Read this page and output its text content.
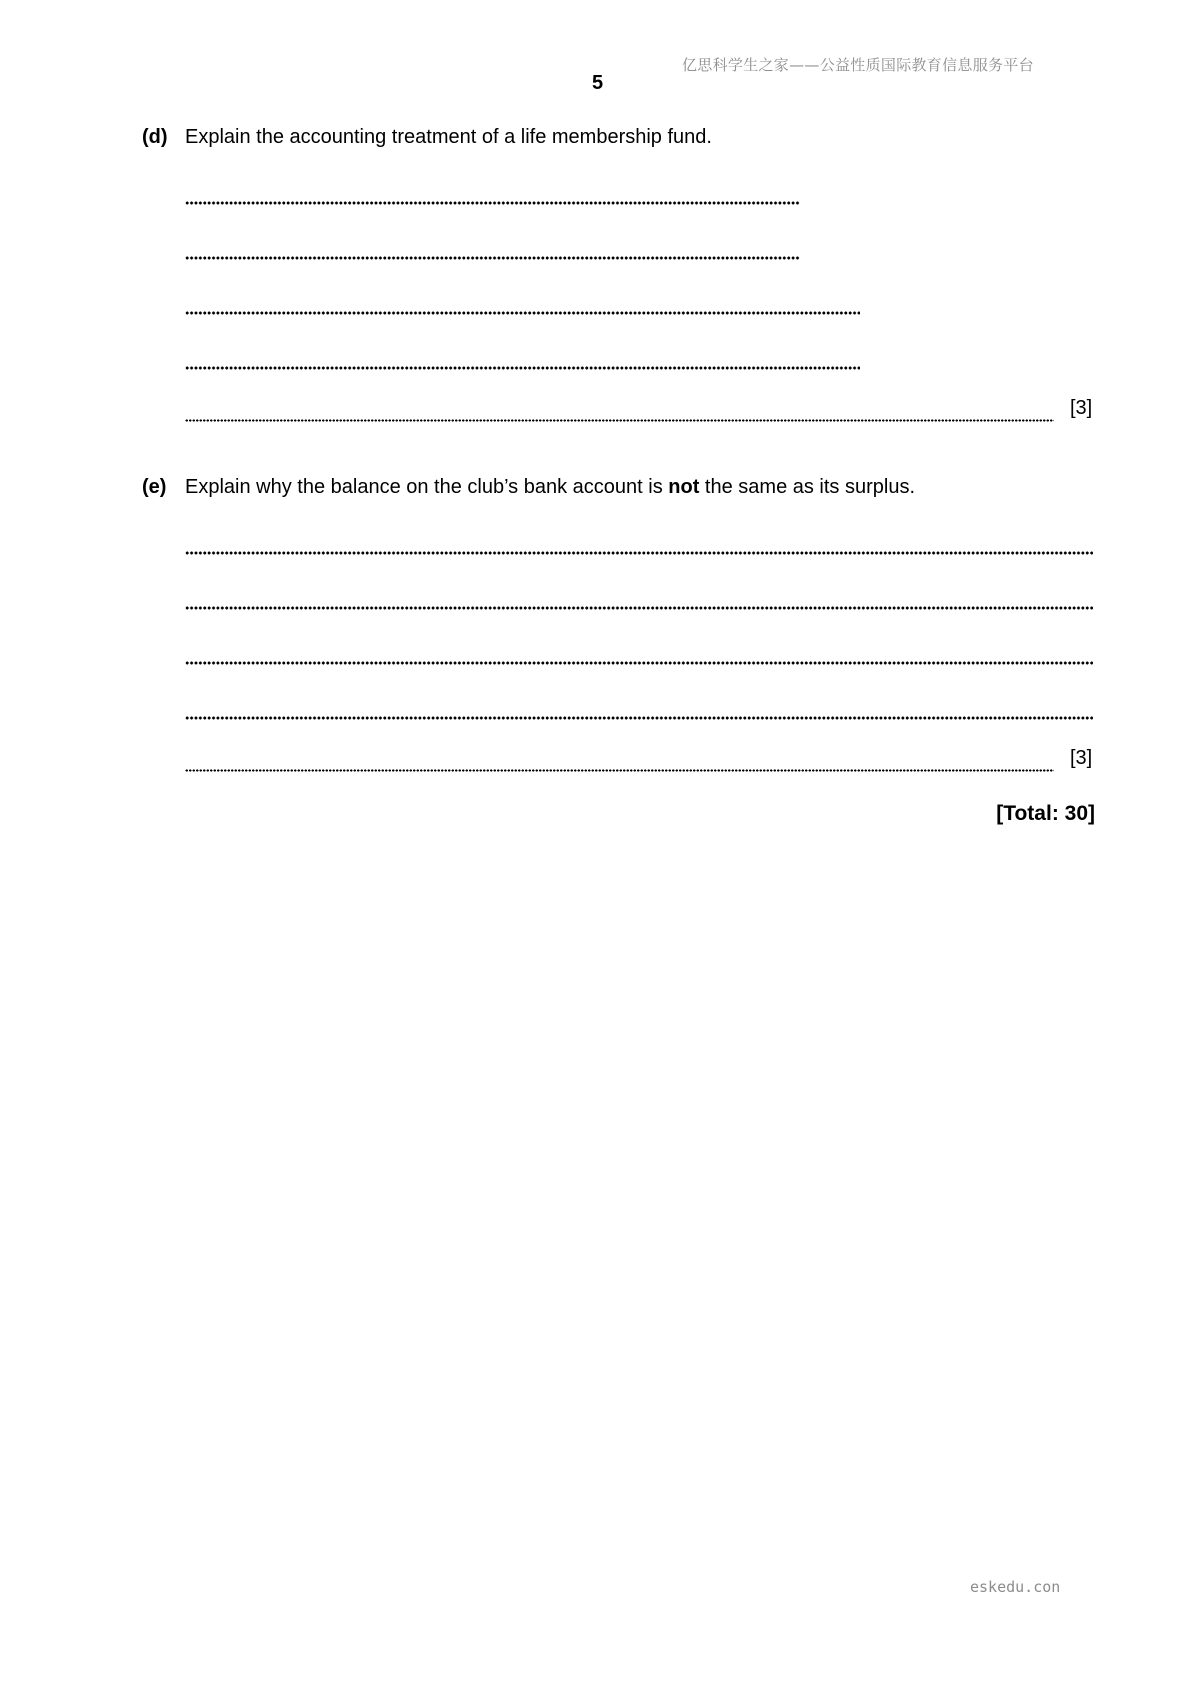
亿思科学生之家——公益性质国际教育信息服务平台
5
(d) Explain the accounting treatment of a life membership fund.
[3]
(e) Explain why the balance on the club’s bank account is not the same as its surplus.
[3]
[Total: 30]
eskedu.con
